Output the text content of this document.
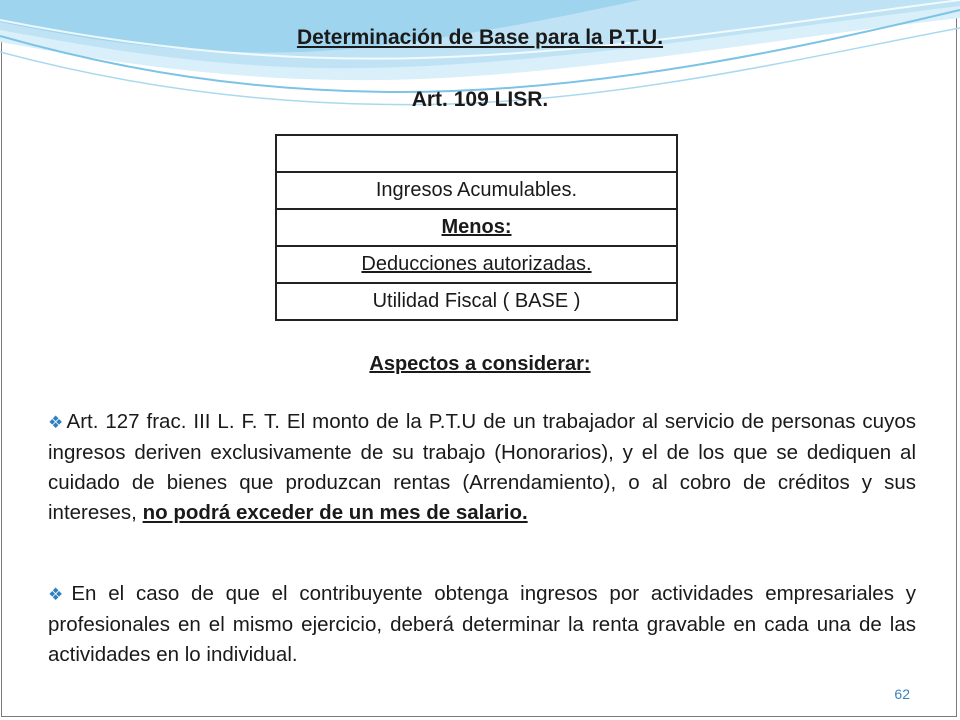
Determinación de Base para la P.T.U.
Art. 109 LISR.

Ingresos Acumulables.
Menos:
Deducciones autorizadas.
Utilidad Fiscal ( BASE )
Aspectos a considerar:

❖Art. 127 frac. III L. F. T. El monto de la P.T.U de un trabajador al servicio de personas cuyos ingresos deriven exclusivamente de su trabajo (Honorarios), y el de los que se dediquen al cuidado de bienes que produzcan rentas (Arrendamiento), o al cobro de créditos y sus intereses, no podrá exceder de un mes de salario.

❖En el caso de que el contribuyente obtenga ingresos por actividades empresariales y profesionales en el mismo ejercicio, deberá determinar la renta gravable en cada una de las actividades en lo individual.

62
